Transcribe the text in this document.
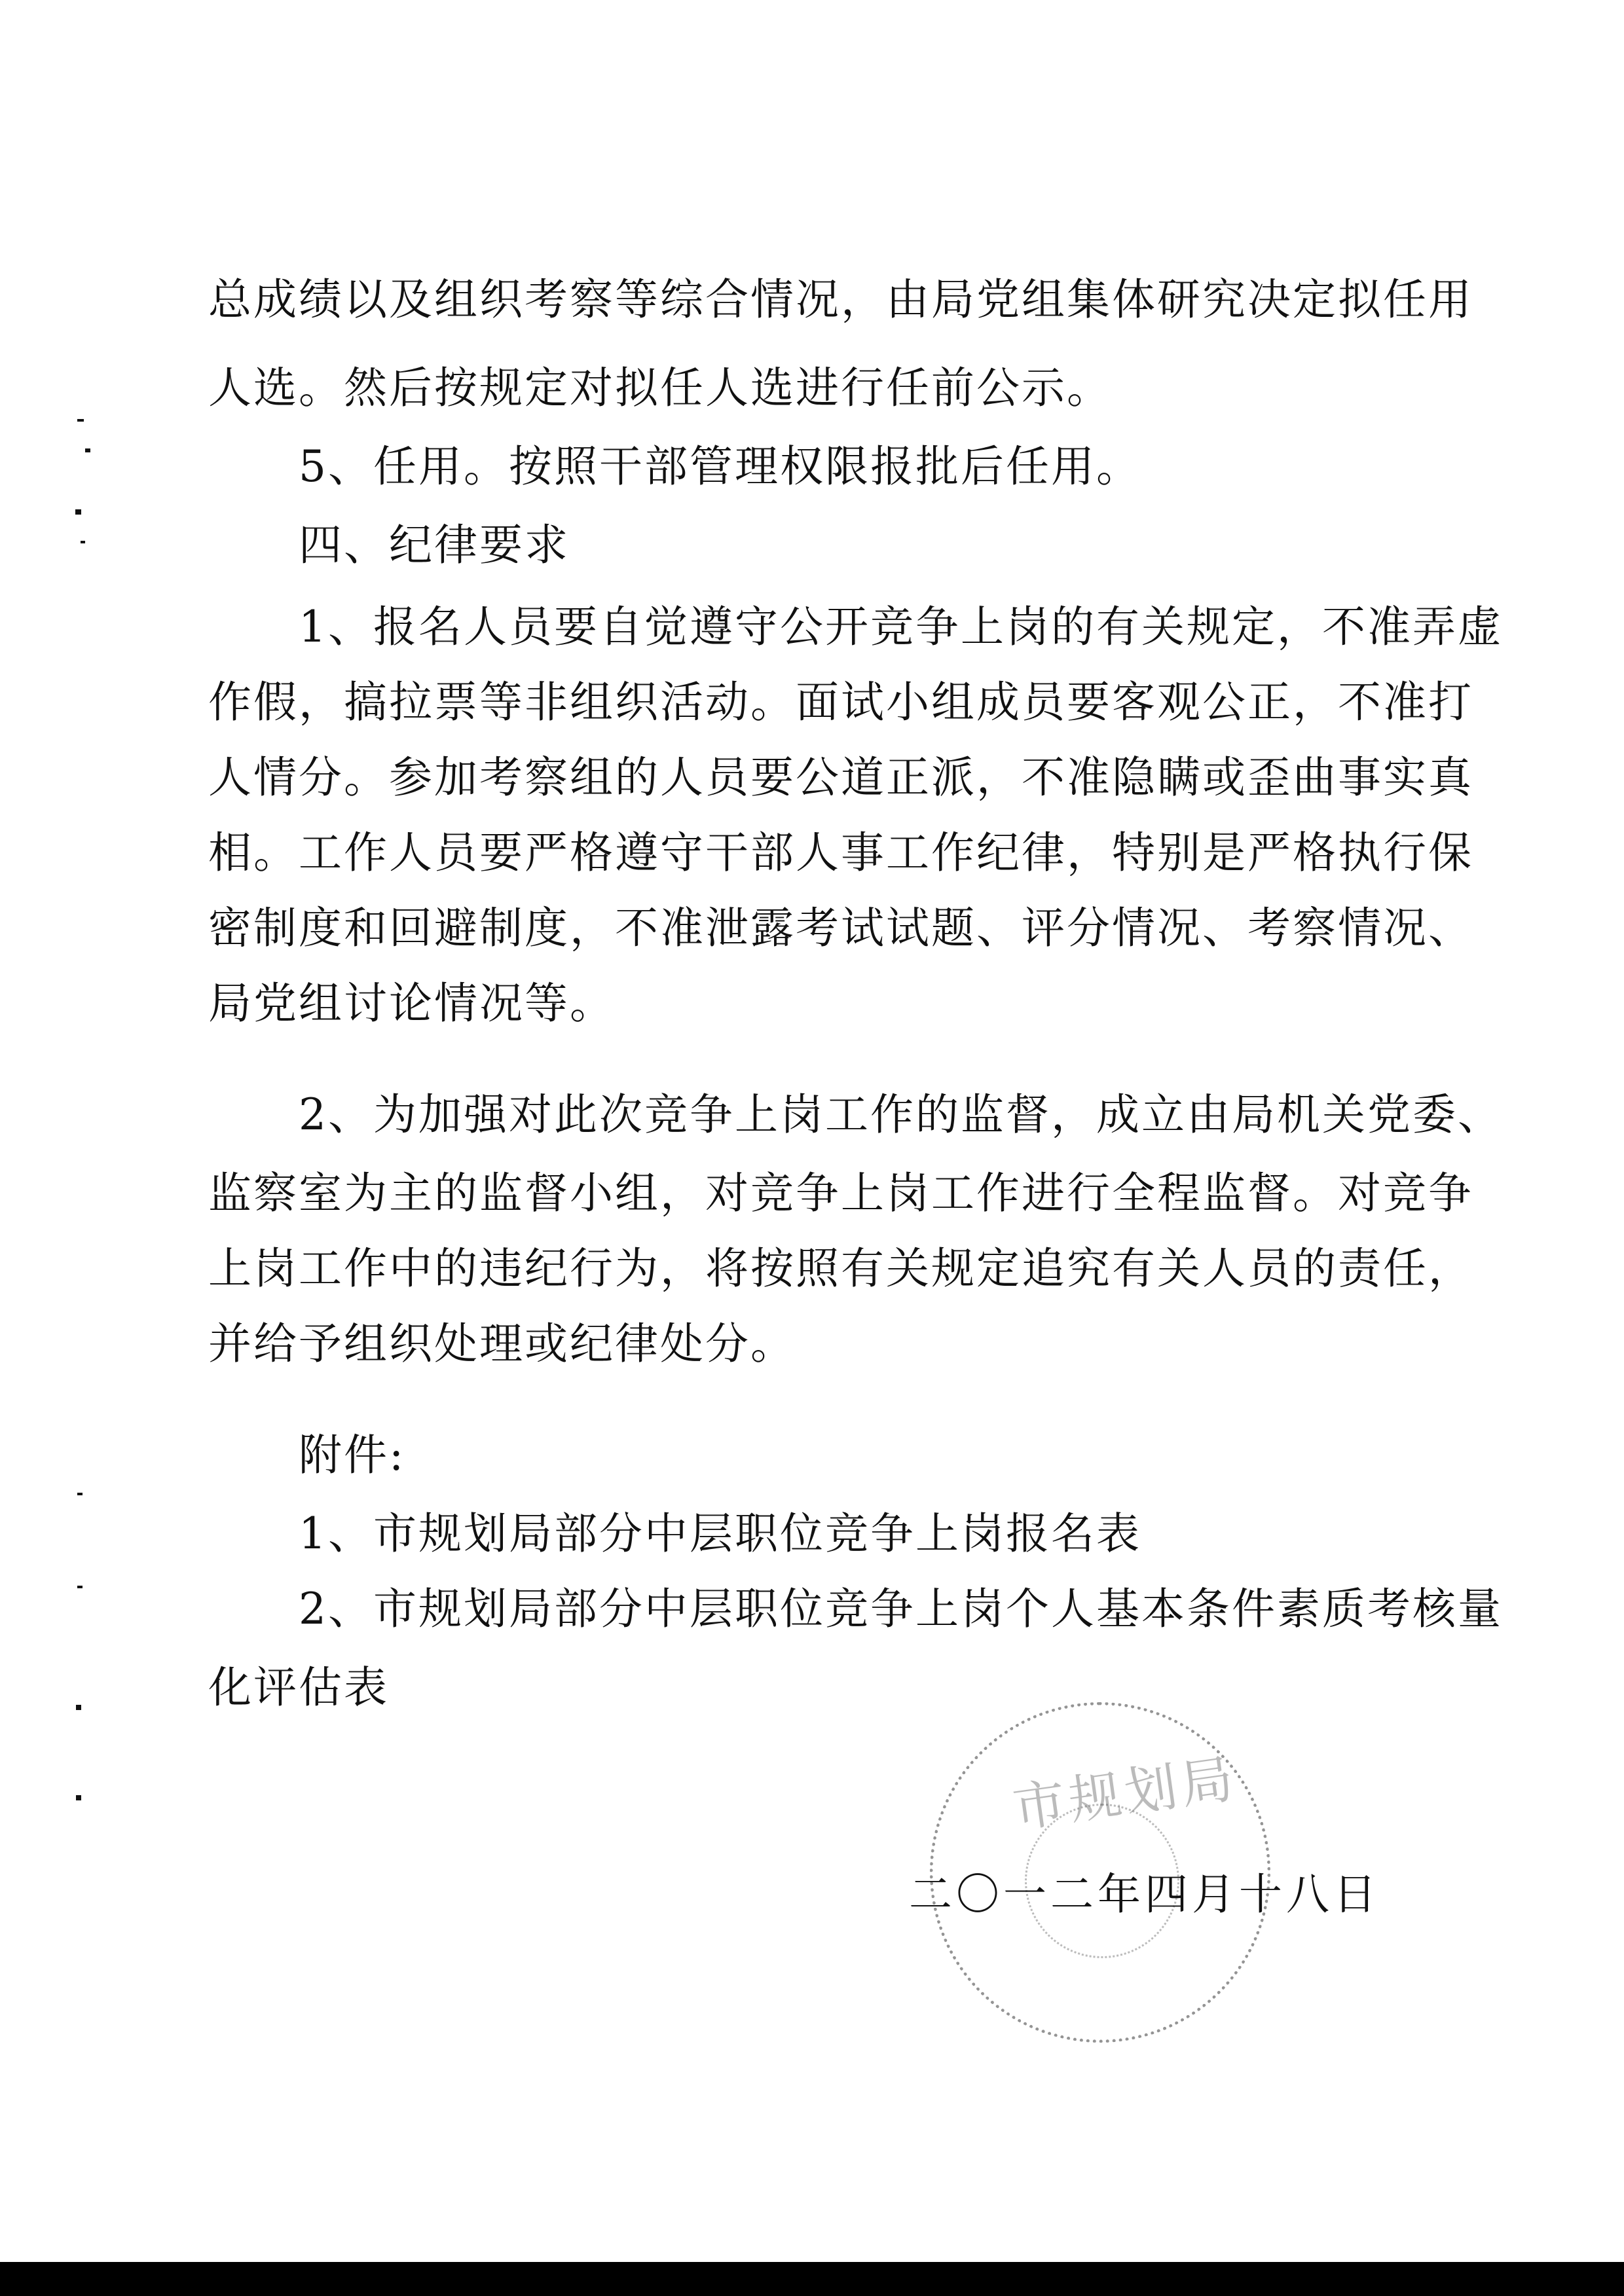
总成绩以及组织考察等综合情况，由局党组集体研究决定拟任用
人选。然后按规定对拟任人选进行任前公示。
5、任用。按照干部管理权限报批后任用。
四、纪律要求
1、报名人员要自觉遵守公开竞争上岗的有关规定，不准弄虚
作假，搞拉票等非组织活动。面试小组成员要客观公正，不准打
人情分。参加考察组的人员要公道正派，不准隐瞒或歪曲事实真
相。工作人员要严格遵守干部人事工作纪律，特别是严格执行保
密制度和回避制度，不准泄露考试试题、评分情况、考察情况、
局党组讨论情况等。
2、为加强对此次竞争上岗工作的监督，成立由局机关党委、
监察室为主的监督小组，对竞争上岗工作进行全程监督。对竞争
上岗工作中的违纪行为，将按照有关规定追究有关人员的责任，
并给予组织处理或纪律处分。
附件:
1、市规划局部分中层职位竞争上岗报名表
2、市规划局部分中层职位竞争上岗个人基本条件素质考核量
化评估表
市规划局
二〇一二年四月十八日
